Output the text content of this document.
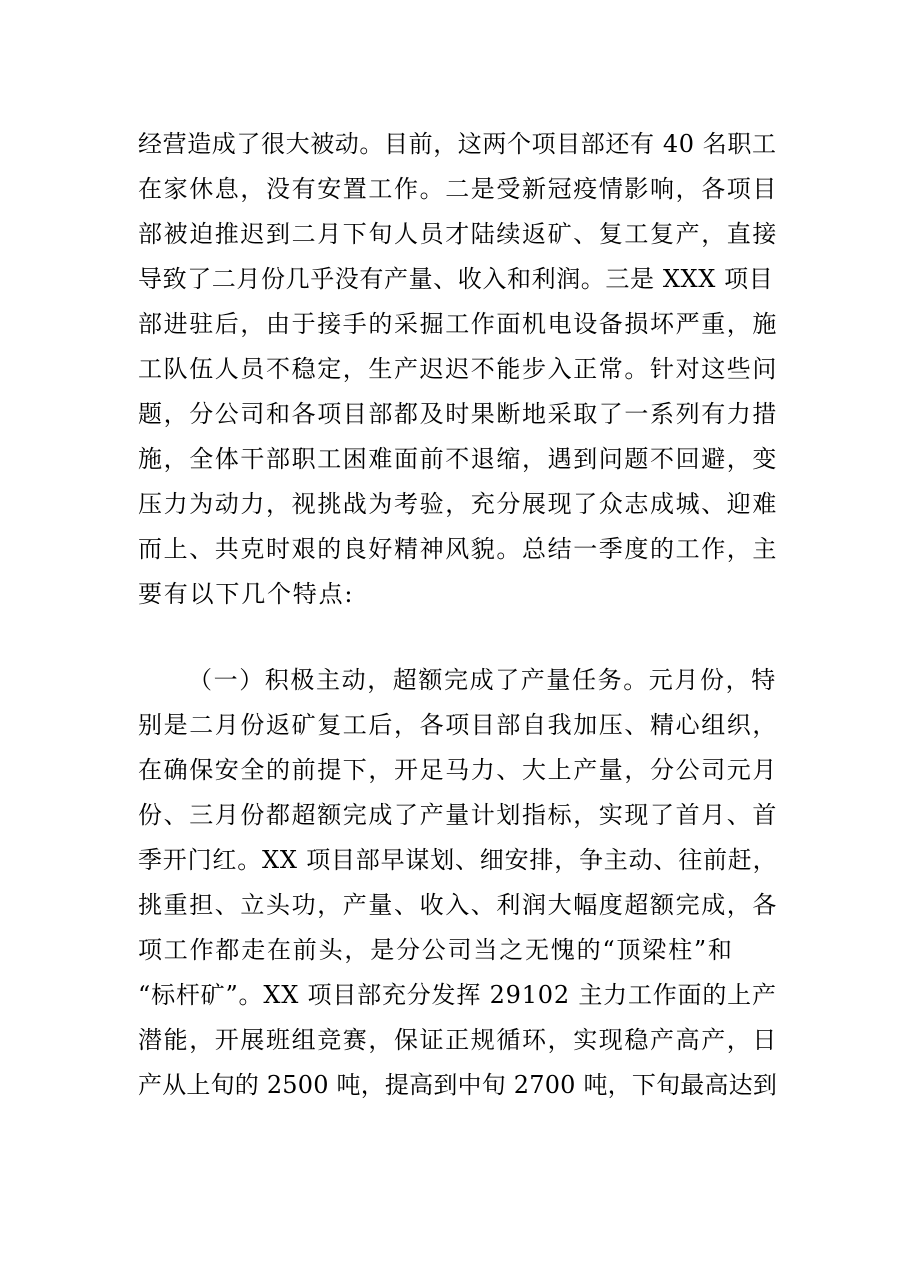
经营造成了很大被动。目前，这两个项目部还有 40 名职工
在家休息，没有安置工作。二是受新冠疫情影响，各项目
部被迫推迟到二月下旬人员才陆续返矿、复工复产，直接
导致了二月份几乎没有产量、收入和利润。三是 XXX 项目
部进驻后，由于接手的采掘工作面机电设备损坏严重，施
工队伍人员不稳定，生产迟迟不能步入正常。针对这些问
题，分公司和各项目部都及时果断地采取了一系列有力措
施，全体干部职工困难面前不退缩，遇到问题不回避，变
压力为动力，视挑战为考验，充分展现了众志成城、迎难
而上、共克时艰的良好精神风貌。总结一季度的工作，主
要有以下几个特点:
（一）积极主动，超额完成了产量任务。元月份，特
别是二月份返矿复工后，各项目部自我加压、精心组织，
在确保安全的前提下，开足马力、大上产量，分公司元月
份、三月份都超额完成了产量计划指标，实现了首月、首
季开门红。XX 项目部早谋划、细安排，争主动、往前赶，
挑重担、立头功，产量、收入、利润大幅度超额完成，各
项工作都走在前头，是分公司当之无愧的“顶梁柱”和
“标杆矿”。XX 项目部充分发挥 29102 主力工作面的上产
潜能，开展班组竞赛，保证正规循环，实现稳产高产，日
产从上旬的 2500 吨，提高到中旬 2700 吨，下旬最高达到
